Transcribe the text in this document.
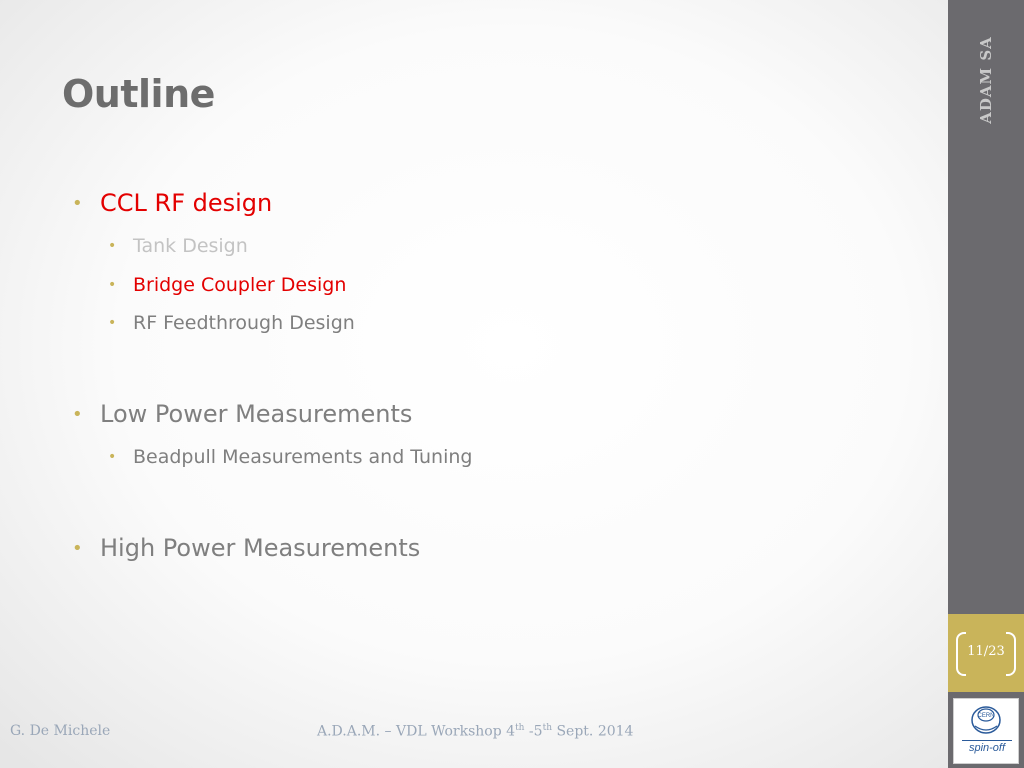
ADAM SA
11/23
CERN
spin-off
Outline
• CCL RF design
• Tank Design
• Bridge Coupler Design
• RF Feedthrough Design
• Low Power Measurements
• Beadpull Measurements and Tuning
• High Power Measurements
G. De Michele	A.D.A.M. – VDL Workshop 4th -5th Sept. 2014
